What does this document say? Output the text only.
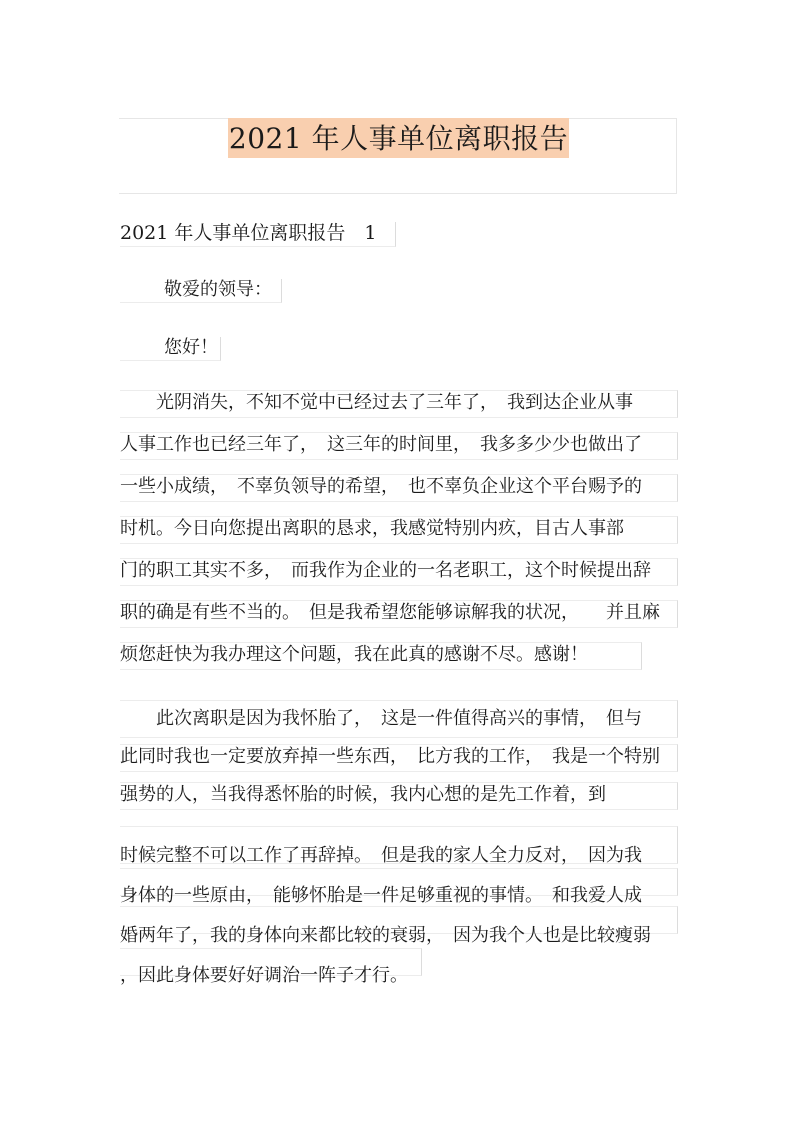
2021 年人事单位离职报告
2021 年人事单位离职报告　1
敬爱的领导：
您好！
　　光阴消失，不知不觉中已经过去了三年了，　我到达企业从事
人事工作也已经三年了，　这三年的时间里，　我多多少少也做出了
一些小成绩，　不辜负领导的希望，　也不辜负企业这个平台赐予的
时机。今日向您提出离职的恳求，我感觉特别内疚，目古人事部
门的职工其实不多，　而我作为企业的一名老职工，这个时候提出辞
职的确是有些不当的。　但是我希望您能够谅解我的状况，　　并且麻
烦您赶快为我办理这个问题，我在此真的感谢不尽。感谢！
　　此次离职是因为我怀胎了，　这是一件值得高兴的事情，　但与
此同时我也一定要放弃掉一些东西，　比方我的工作，　我是一个特别
强势的人，当我得悉怀胎的时候，我内心想的是先工作着，到
时候完整不可以工作了再辞掉。　但是我的家人全力反对，　因为我
身体的一些原由，　能够怀胎是一件足够重视的事情。　和我爱人成
婚两年了，我的身体向来都比较的衰弱，　因为我个人也是比较瘦弱
，因此身体要好好调治一阵子才行。
